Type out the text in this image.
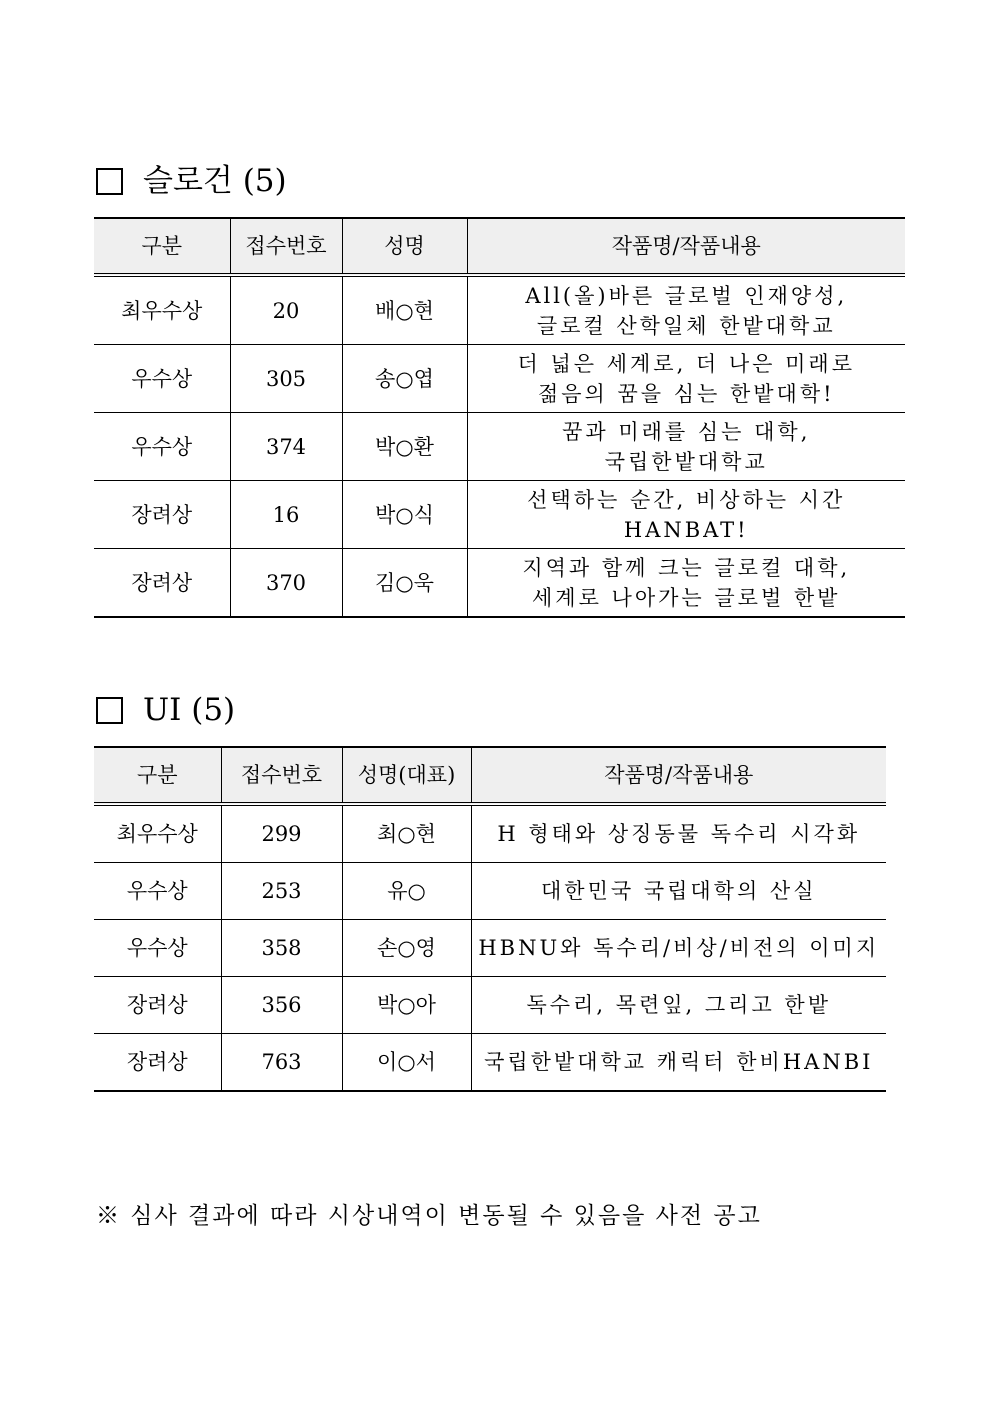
슬로건 (5)
구분	접수번호	성명	작품명/작품내용
최우수상	20	배○현	All(올)바른 글로벌 인재양성,
글로컬 산학일체 한밭대학교

우수상	305	송○엽	더 넓은 세계로, 더 나은 미래로
젊음의 꿈을 심는 한밭대학!

우수상	374	박○환	꿈과 미래를 심는 대학,
국립한밭대학교

장려상	16	박○식	선택하는 순간, 비상하는 시간
HANBAT!

장려상	370	김○욱	지역과 함께 크는 글로컬 대학,
세계로 나아가는 글로벌 한밭
UI (5)
구분	접수번호	성명(대표)	작품명/작품내용
최우수상	299	최○현	H 형태와 상징동물 독수리 시각화
우수상	253	유○	대한민국 국립대학의 산실
우수상	358	손○영	HBNU와 독수리/비상/비전의 이미지
장려상	356	박○아	독수리, 목련잎, 그리고 한밭
장려상	763	이○서	국립한밭대학교 캐릭터 한비HANBI
※ 심사 결과에 따라 시상내역이 변동될 수 있음을 사전 공고
